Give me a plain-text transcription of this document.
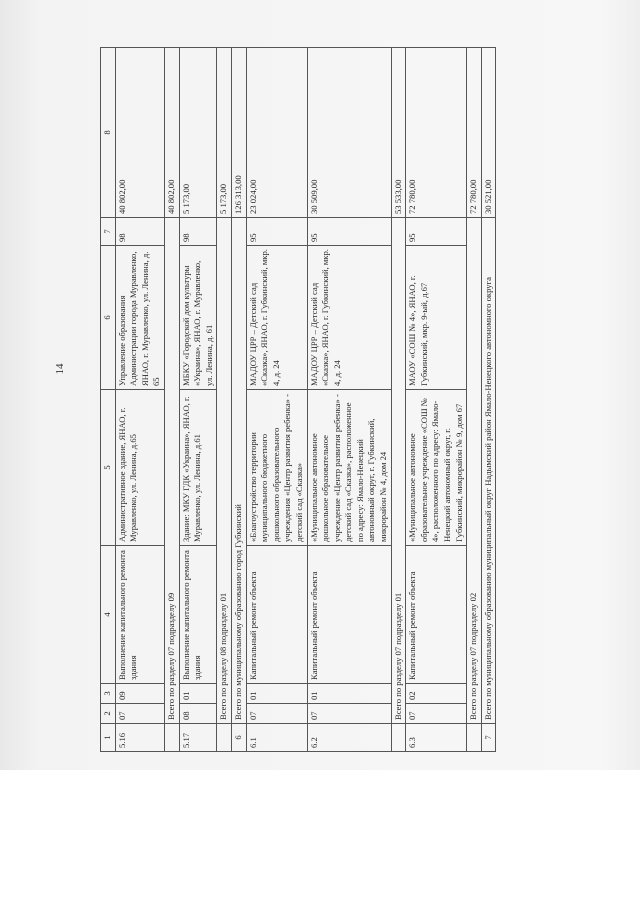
14
1	2	3	4	5	6	7	8
5.16	07	09	Выполнение капитального ремонта здания	Административное здание, ЯНАО, г. Муравленко, ул. Ленина, д.65	Управление образования Администрации города Муравленко, ЯНАО, г. Муравленко, ул. Ленина, д. 65	98	40 802,00
	Всего по разделу 07 подразделу 09						40 802,00
5.17	08	01	Выполнение капитального ремонта здания	Здание: МКУ ГДК «Украина», ЯНАО, г. Муравленко, ул. Ленина, д.61	МБКУ «Городской дом культуры «Украина», ЯНАО, г. Муравленко, ул. Ленина, д. 61	98	5 173,00
	Всего по разделу 08 подразделу 01						5 173,00
6	Всего по муниципальному образованию город Губкинский						126 313,00
6.1	07	01	Капитальный ремонт объекта	«Благоустройство территории муниципального бюджетного дошкольного образовательного учреждения «Центр развития ребенка» - детский сад «Сказка»	МАДОУ ЦРР – Детский сад «Сказка», ЯНАО, г. Губкинский, мкр. 4, д. 24	95	23 024,00
6.2	07	01	Капитальный ремонт объекта	«Муниципальное автономное дошкольное образовательное учреждение «Центр развития ребенка» - детский сад «Сказка», расположенное по адресу: Ямало-Ненецкий автономный округ, г. Губкинский, микрорайон № 4, дом 24	МАДОУ ЦРР – Детский сад «Сказка», ЯНАО, г. Губкинский, мкр. 4, д. 24	95	30 509,00
	Всего по разделу 07 подразделу 01						53 533,00
6.3	07	02	Капитальный ремонт объекта	«Муниципальное автономное образовательное учреждение «СОШ № 4», расположенного по адресу: Ямало-Ненецкий автономный округ, г. Губкинский, микрорайон № 9, дом 67	МАОУ «СОШ № 4», ЯНАО, г. Губкинский, мкр. 9-ый, д.67	95	72 780,00
	Всего по разделу 07 подразделу 02						72 780,00
7	Всего по муниципальному образованию муниципальный округ Надымский район Ямало-Ненецкого автономного округа						30 521,00
